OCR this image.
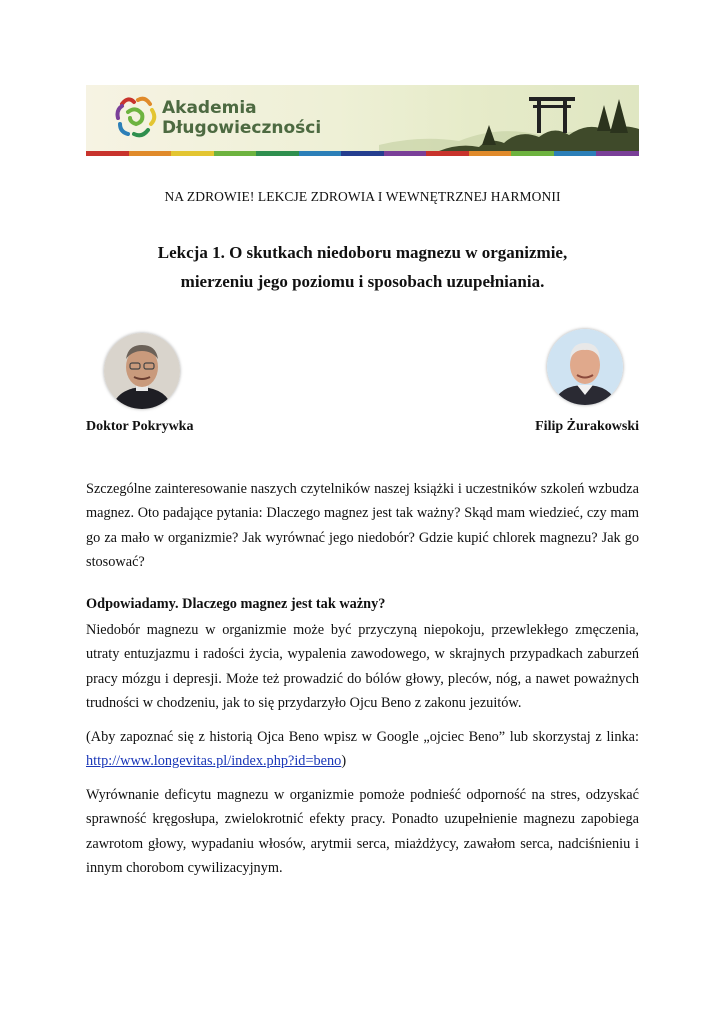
Akademia
Długowieczności
NA ZDROWIE! LEKCJE ZDROWIA I WEWNĘTRZNEJ HARMONII
Lekcja 1. O skutkach niedoboru magnezu w organizmie,
mierzeniu jego poziomu i sposobach uzupełniania.
Doktor Pokrywka	Filip Żurakowski

Szczególne zainteresowanie naszych czytelników naszej książki i uczestników szkoleń wzbudza magnez. Oto padające pytania: Dlaczego magnez jest tak ważny? Skąd mam wiedzieć, czy mam go za mało w organizmie? Jak wyrównać jego niedobór? Gdzie kupić chlorek magnezu? Jak go stosować?

Odpowiadamy. Dlaczego magnez jest tak ważny?

Niedobór magnezu w organizmie może być przyczyną niepokoju, przewlekłego zmęczenia, utraty entuzjazmu i radości życia, wypalenia zawodowego, w skrajnych przypadkach zaburzeń pracy mózgu i depresji. Może też prowadzić do bólów głowy, pleców, nóg, a nawet poważnych trudności w chodzeniu, jak to się przydarzyło Ojcu Beno z zakonu jezuitów.

(Aby zapoznać się z historią Ojca Beno wpisz w Google „ojciec Beno” lub skorzystaj z linka: http://www.longevitas.pl/index.php?id=beno)

Wyrównanie deficytu magnezu w organizmie pomoże podnieść odporność na stres, odzyskać sprawność kręgosłupa, zwielokrotnić efekty pracy. Ponadto uzupełnienie magnezu zapobiega zawrotom głowy, wypadaniu włosów, arytmii serca, miażdżycy, zawałom serca, nadciśnieniu i innym chorobom cywilizacyjnym.
